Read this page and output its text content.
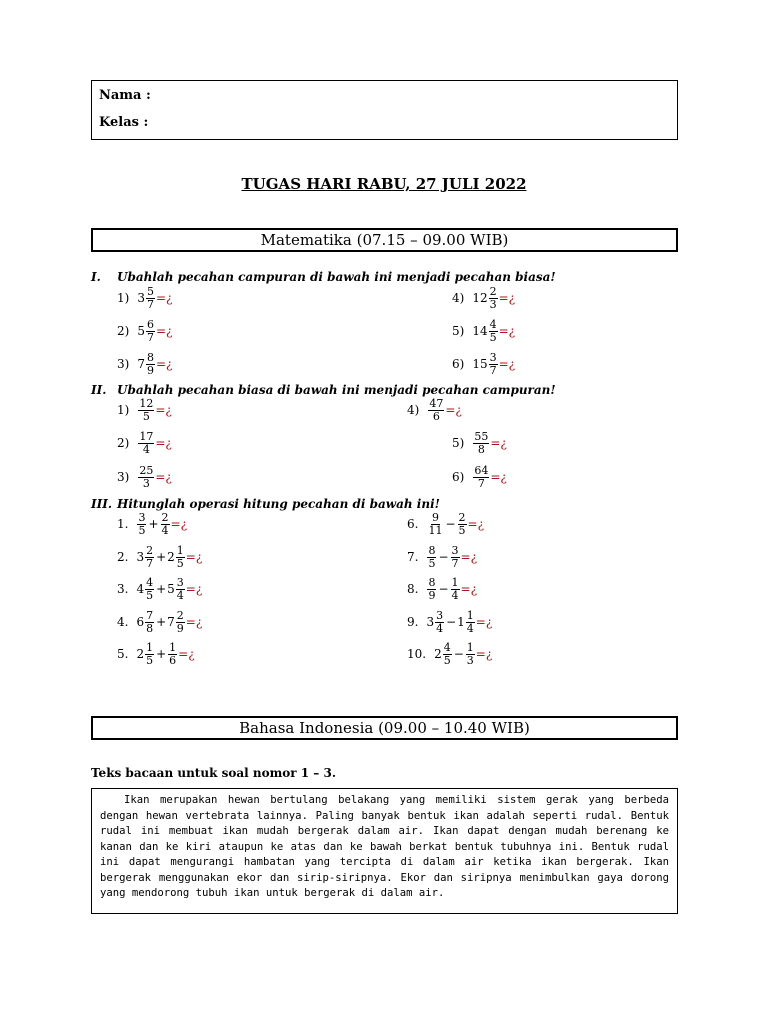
Nama :
Kelas :
TUGAS HARI RABU, 27 JULI 2022
Matematika (07.15 – 09.00 WIB)
I. Ubahlah pecahan campuran di bawah ini menjadi pecahan biasa!
II. Ubahlah pecahan biasa di bawah ini menjadi pecahan campuran!
III. Hitunglah operasi hitung pecahan di bawah ini!
1) $3 \frac{5}{7}$ =¿
2) $5 \frac{6}{7}$ =¿
3) $7 \frac{8}{9}$ =¿
4) $12 \frac{2}{3}$ =¿
5) $14 \frac{4}{5}$ =¿
6) $15 \frac{3}{7}$ =¿
$1) \frac{12}{5}$ =¿
$2) \frac{17}{4}$ =¿
$3) \frac{25}{3}$ =¿
$4) \frac{47}{6}$ =¿
$5) \frac{55}{8}$ =¿
$6) \frac{64}{7}$ =¿
1. $\frac{3}{5} + \frac{2}{4}$ =¿
2. $3 \frac{2}{7} + 2 \frac{1}{5}$ =¿
3. $4 \frac{4}{5} + 5 \frac{3}{4}$ =¿
4. $6 \frac{7}{8} + 7 \frac{2}{9}$ =¿
5. $2 \frac{1}{5} + \frac{1}{6}$ =¿
6. $\frac{9}{11} - \frac{2}{5}$ =¿
7. $\frac{8}{5} - \frac{3}{7}$ =¿
8. $\frac{8}{9} - \frac{1}{4}$ =¿
9. $3 \frac{3}{4} - 1 \frac{1}{4}$ =¿
10. $2 \frac{4}{5} - \frac{1}{3}$ =¿
Bahasa Indonesia (09.00 – 10.40 WIB)
Teks bacaan untuk soal nomor 1 – 3.

Ikan merupakan hewan bertulang belakang yang memiliki sistem gerak yang berbeda dengan hewan vertebrata lainnya. Paling banyak bentuk ikan adalah seperti rudal. Bentuk rudal ini membuat ikan mudah bergerak dalam air. Ikan dapat dengan mudah berenang ke kanan dan ke kiri ataupun ke atas dan ke bawah berkat bentuk tubuhnya ini. Bentuk rudal ini dapat mengurangi hambatan yang tercipta di dalam air ketika ikan bergerak. Ikan bergerak menggunakan ekor dan sirip-siripnya. Ekor dan siripnya menimbulkan gaya dorong yang mendorong tubuh ikan untuk bergerak di dalam air.
